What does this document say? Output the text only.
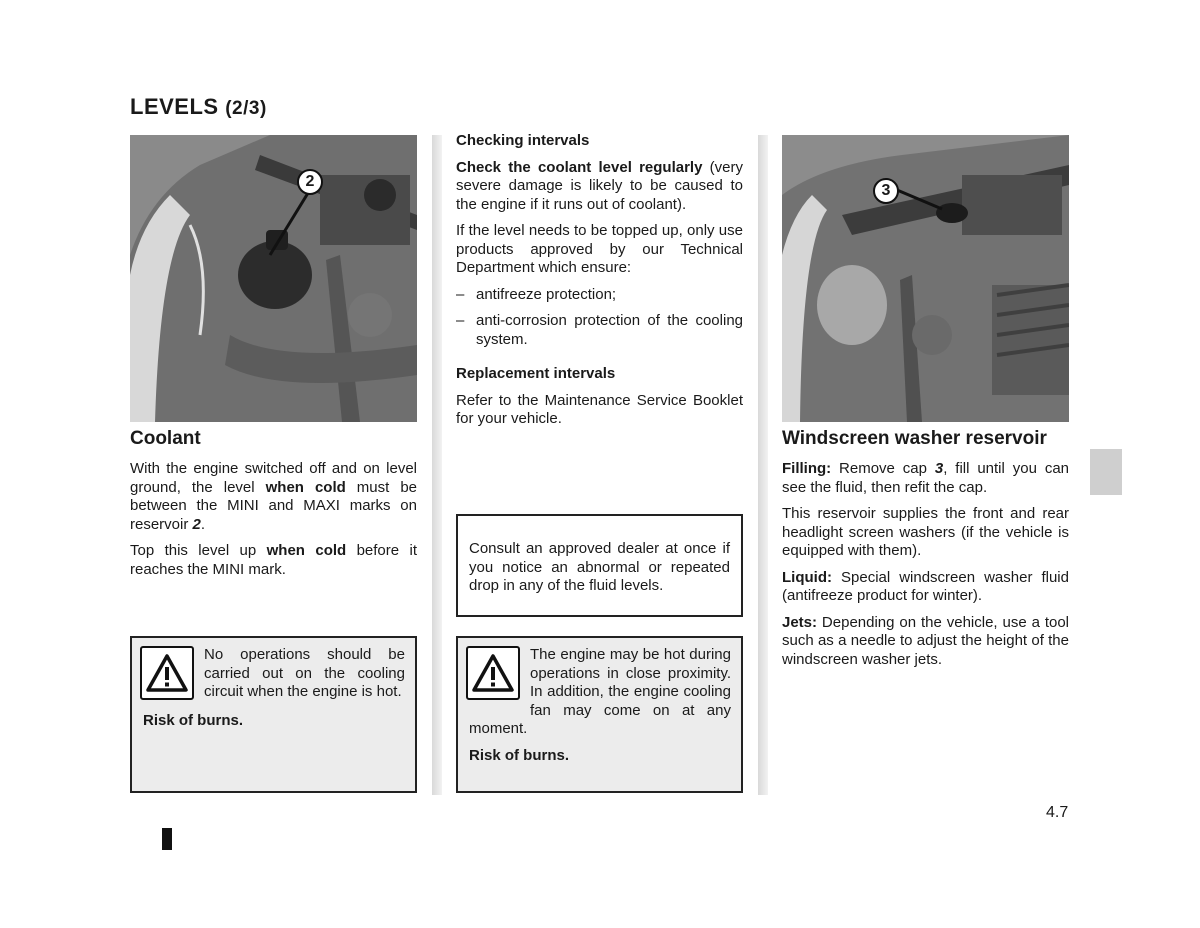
LEVELS (2/3)
2
Coolant

With the engine switched off and on level ground, the level when cold must be between the MINI and MAXI marks on reservoir 2.

Top this level up when cold before it reaches the MINI mark.

No operations should be carried out on the cooling circuit when the engine is hot.

Risk of burns.

Checking intervals

Check the coolant level regularly (very severe damage is likely to be caused to the engine if it runs out of coolant).

If the level needs to be topped up, only use products approved by our Technical Department which ensure:

– antifreeze protection;
– anti-corrosion protection of the cooling system.

Replacement intervals

Refer to the Maintenance Service Booklet for your vehicle.

Consult an approved dealer at once if you notice an abnormal or repeated drop in any of the fluid levels.

The engine may be hot during operations in close proximity. In addition, the engine cooling fan may come on at any moment.

Risk of burns.

3
Windscreen washer reservoir

Filling: Remove cap 3, fill until you can see the fluid, then refit the cap.

This reservoir supplies the front and rear headlight screen washers (if the vehicle is equipped with them).

Liquid: Special windscreen washer fluid (antifreeze product for winter).

Jets: Depending on the vehicle, use a tool such as a needle to adjust the height of the windscreen washer jets.

4.7
